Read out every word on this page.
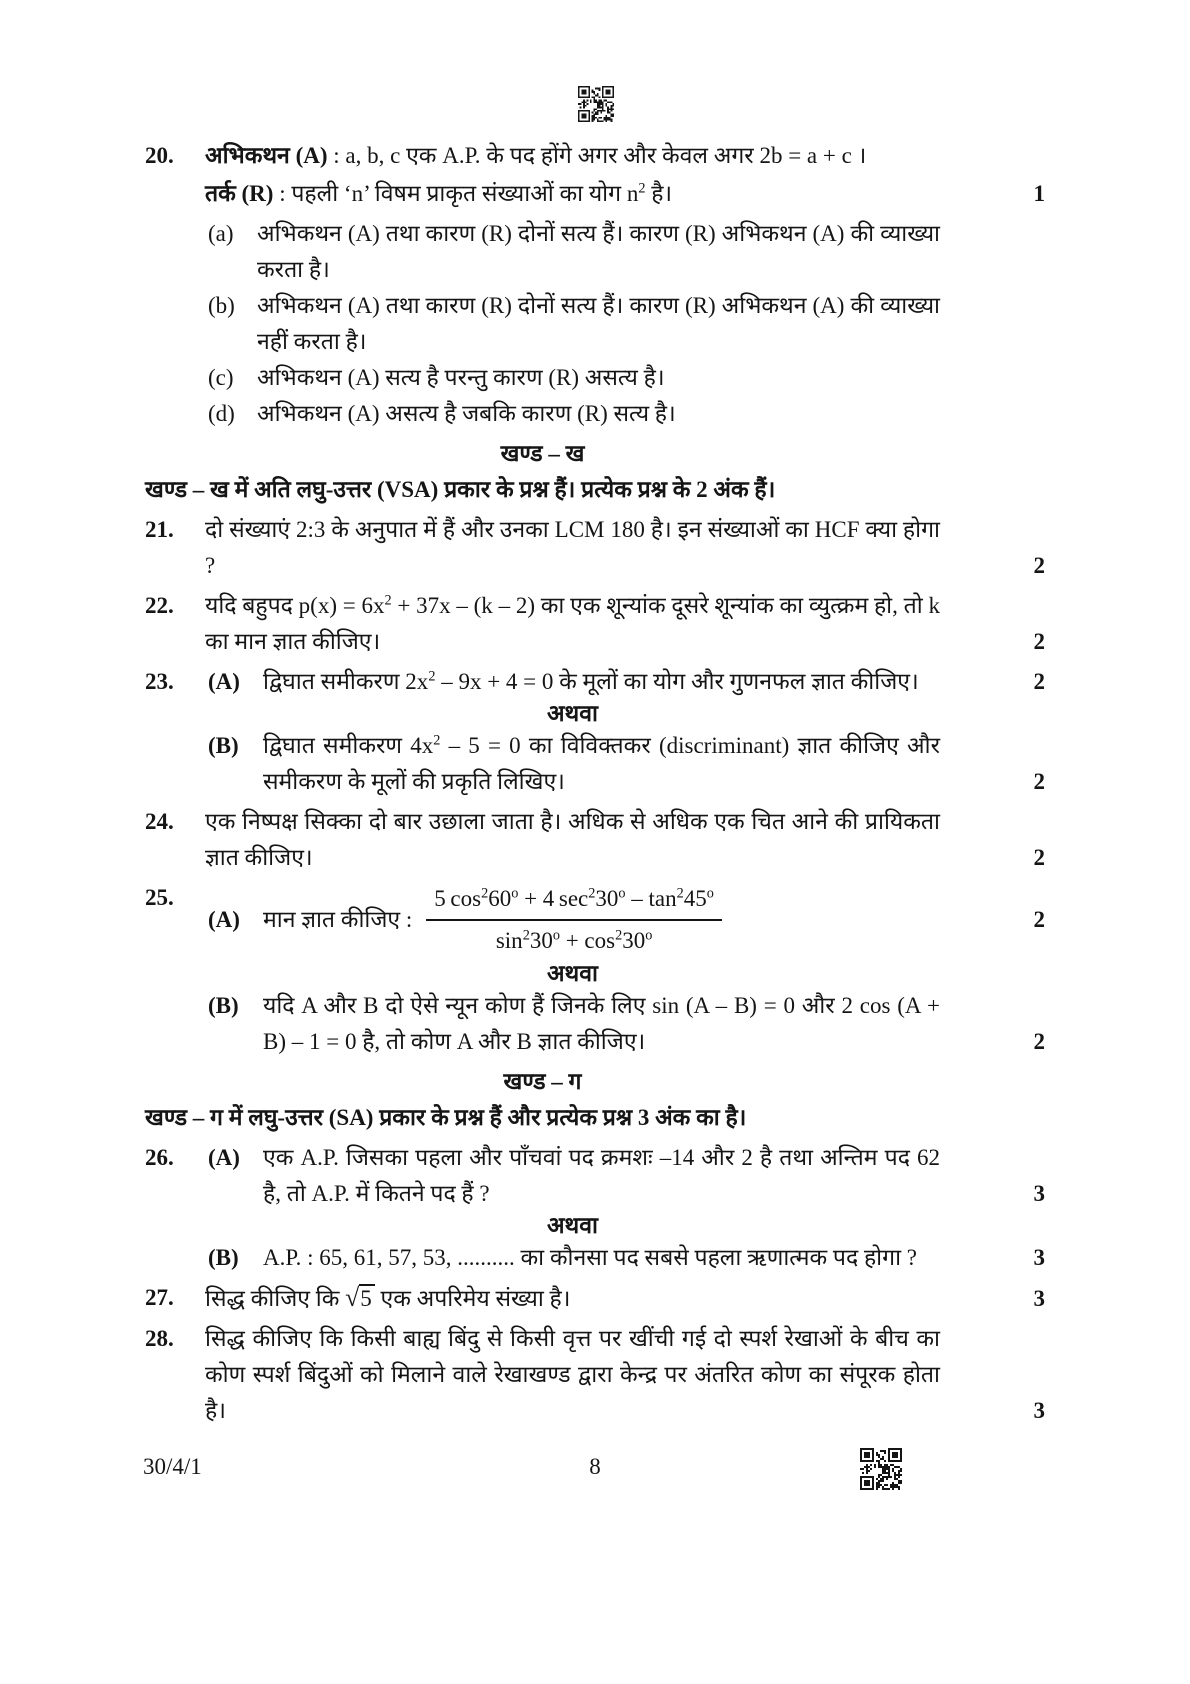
20.	अभिकथन (A) : a, b, c एक A.P. के पद होंगे अगर और केवल अगर 2b = a + c ।

तर्क (R) : पहली ‘n’ विषम प्राकृत संख्याओं का योग $n^2$ है।	1

(a)	अभिकथन (A) तथा कारण (R) दोनों सत्य हैं। कारण (R) अभिकथन (A) की व्याख्या करता है।

(b) अभिकथन (A) तथा कारण (R) दोनों सत्य हैं। कारण (R) अभिकथन (A) की व्याख्या नहीं करता है।

(c)	अभिकथन (A) सत्य है परन्तु कारण (R) असत्य है।

(d) अभिकथन (A) असत्य है जबकि कारण (R) सत्य है।

खण्ड – ख

खण्ड – ख में अति लघु-उत्तर (VSA) प्रकार के प्रश्न हैं। प्रत्येक प्रश्न के 2 अंक हैं।

21.	दो संख्याएं 2:3 के अनुपात में हैं और उनका LCM 180 है। इन संख्याओं का HCF क्या होगा ?	2

22.	यदि बहुपद $p(x) = 6x^2 + 37x - (k - 2)$ का एक शून्यांक दूसरे शून्यांक का व्युत्क्रम हो, तो k का मान ज्ञात कीजिए।	2

23.	(A)	द्विघात समीकरण $2x^2 - 9x + 4 = 0$ के मूलों का योग और गुणनफल ज्ञात कीजिए।	2

अथवा

(B)	द्विघात समीकरण $4x^2 - 5 = 0$ का विविक्तकर (discriminant) ज्ञात कीजिए और समीकरण के मूलों की प्रकृति लिखिए।	2

24.	एक निष्पक्ष सिक्का दो बार उछाला जाता है। अधिक से अधिक एक चित आने की प्रायिकता ज्ञात कीजिए।	2

25.
(A)	मान ज्ञात कीजिए : $\frac{5 \cos^260^o + 4 \sec^230^o - \tan^245^o}{\sin^230^o + \cos^230^o}$	2

अथवा

(B)	यदि A और B दो ऐसे न्यून कोण हैं जिनके लिए sin (A – B) = 0 और 2 cos (A + B) – 1 = 0 है, तो कोण A और B ज्ञात कीजिए।	2

खण्ड – ग

खण्ड – ग में लघु-उत्तर (SA) प्रकार के प्रश्न हैं और प्रत्येक प्रश्न 3 अंक का है।

26.	(A)	एक A.P. जिसका पहला और पाँचवां पद क्रमशः –14 और 2 है तथा अन्तिम पद 62 है, तो A.P. में कितने पद हैं ?	3

अथवा

(B)	A.P. : 65, 61, 57, 53, .......... का कौनसा पद सबसे पहला ऋणात्मक पद होगा ?	3

27.	सिद्ध कीजिए कि √5 एक अपरिमेय संख्या है।	3

28.	सिद्ध कीजिए कि किसी बाह्य बिंदु से किसी वृत्त पर खींची गई दो स्पर्श रेखाओं के बीच का कोण स्पर्श बिंदुओं को मिलाने वाले रेखाखण्ड द्वारा केन्द्र पर अंतरित कोण का संपूरक होता है।	3

30/4/1	8
